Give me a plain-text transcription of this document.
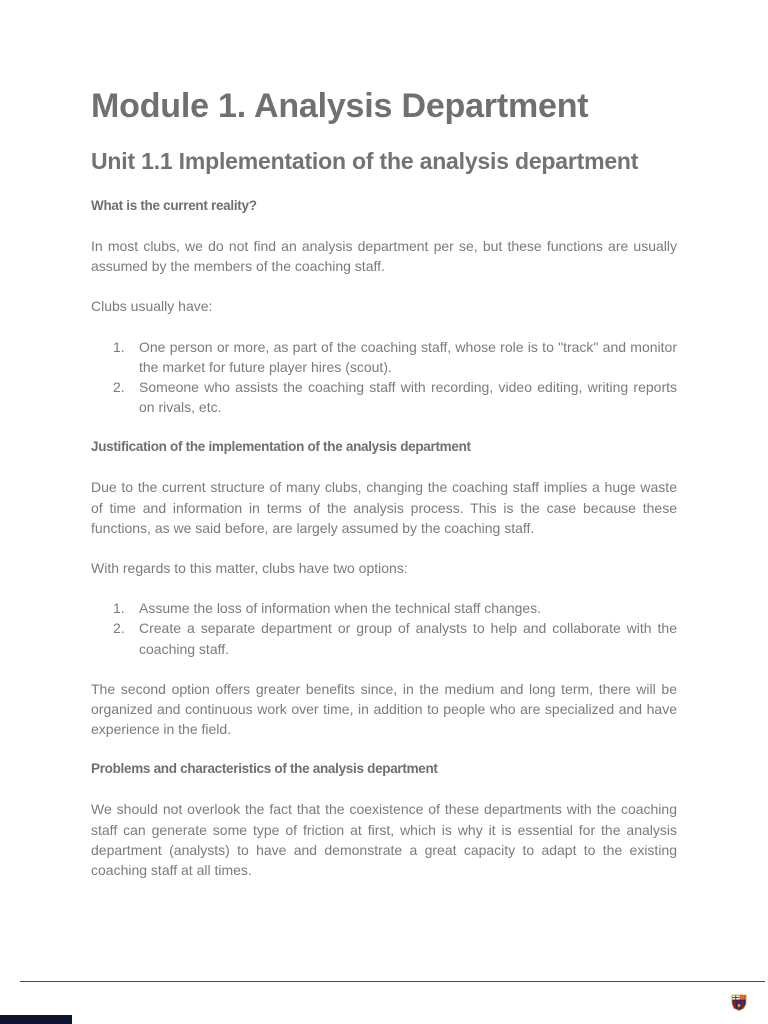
Module 1. Analysis Department
Unit 1.1 Implementation of the analysis department
What is the current reality?

In most clubs, we do not find an analysis department per se, but these functions are usually assumed by the members of the coaching staff.

Clubs usually have:

1. One person or more, as part of the coaching staff, whose role is to "track" and monitor the market for future player hires (scout).
2. Someone who assists the coaching staff with recording, video editing, writing reports on rivals, etc.
Justification of the implementation of the analysis department

Due to the current structure of many clubs, changing the coaching staff implies a huge waste of time and information in terms of the analysis process. This is the case because these functions, as we said before, are largely assumed by the coaching staff.

With regards to this matter, clubs have two options:

1. Assume the loss of information when the technical staff changes.
2. Create a separate department or group of analysts to help and collaborate with the coaching staff.

The second option offers greater benefits since, in the medium and long term, there will be organized and continuous work over time, in addition to people who are specialized and have experience in the field.

Problems and characteristics of the analysis department

We should not overlook the fact that the coexistence of these departments with the coaching staff can generate some type of friction at first, which is why it is essential for the analysis department (analysts) to have and demonstrate a great capacity to adapt to the existing coaching staff at all times.
